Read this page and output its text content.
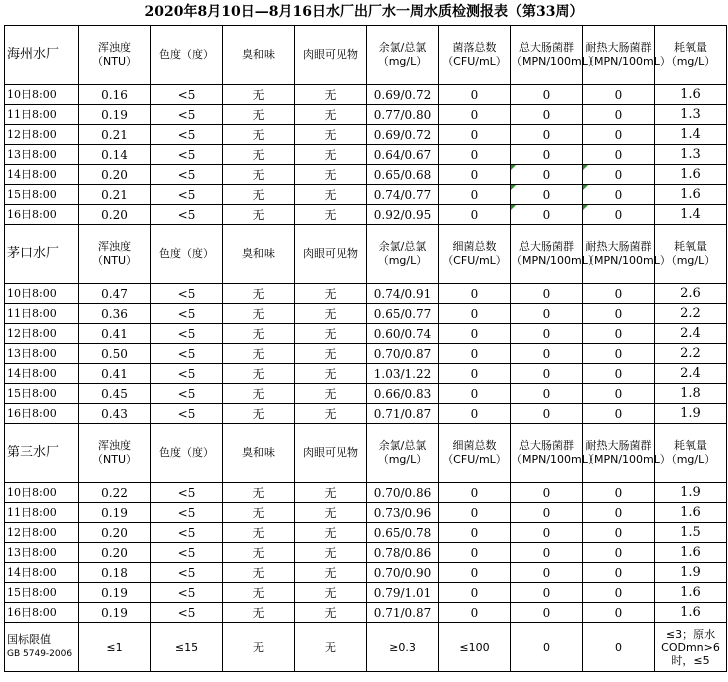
2020年8月10日—8月16日水厂出厂水一周水质检测报表（第33周）
海州水厂	浑浊度（NTU）	色度（度）	臭和味	肉眼可见物	余氯/总氯（mg/L）	菌落总数（CFU/mL）	总大肠菌群（MPN/100mL）	耐热大肠菌群（MPN/100mL）	耗氧量（mg/L）
10日8:00	0.16	<5	无	无	0.69/0.72	0	0	0	1.6
11日8:00	0.19	<5	无	无	0.77/0.80	0	0	0	1.3
12日8:00	0.21	<5	无	无	0.69/0.72	0	0	0	1.4
13日8:00	0.14	<5	无	无	0.64/0.67	0	0	0	1.3
14日8:00	0.20	<5	无	无	0.65/0.68	0	0	0	1.6
15日8:00	0.21	<5	无	无	0.74/0.77	0	0	0	1.6
16日8:00	0.20	<5	无	无	0.92/0.95	0	0	0	1.4
茅口水厂	浑浊度（NTU）	色度（度）	臭和味	肉眼可见物	余氯/总氯（mg/L）	细菌总数（CFU/mL）	总大肠菌群（MPN/100mL）	耐热大肠菌群（MPN/100mL）	耗氧量（mg/L）
10日8:00	0.47	<5	无	无	0.74/0.91	0	0	0	2.6
11日8:00	0.36	<5	无	无	0.65/0.77	0	0	0	2.2
12日8:00	0.41	<5	无	无	0.60/0.74	0	0	0	2.4
13日8:00	0.50	<5	无	无	0.70/0.87	0	0	0	2.2
14日8:00	0.41	<5	无	无	1.03/1.22	0	0	0	2.4
15日8:00	0.45	<5	无	无	0.66/0.83	0	0	0	1.8
16日8:00	0.43	<5	无	无	0.71/0.87	0	0	0	1.9
第三水厂	浑浊度（NTU）	色度（度）	臭和味	肉眼可见物	余氯/总氯（mg/L）	细菌总数（CFU/mL）	总大肠菌群（MPN/100mL）	耐热大肠菌群（MPN/100mL）	耗氧量（mg/L）
10日8:00	0.22	<5	无	无	0.70/0.86	0	0	0	1.9
11日8:00	0.19	<5	无	无	0.73/0.96	0	0	0	1.6
12日8:00	0.20	<5	无	无	0.65/0.78	0	0	0	1.5
13日8:00	0.20	<5	无	无	0.78/0.86	0	0	0	1.6
14日8:00	0.18	<5	无	无	0.70/0.90	0	0	0	1.9
15日8:00	0.19	<5	无	无	0.79/1.01	0	0	0	1.6
16日8:00	0.19	<5	无	无	0.71/0.87	0	0	0	1.6

国标限值
GB 5749-2006	≤1	≤15	无	无	≥0.3	≤100	0	0	≤3；原水CODmn>6时，≤5
